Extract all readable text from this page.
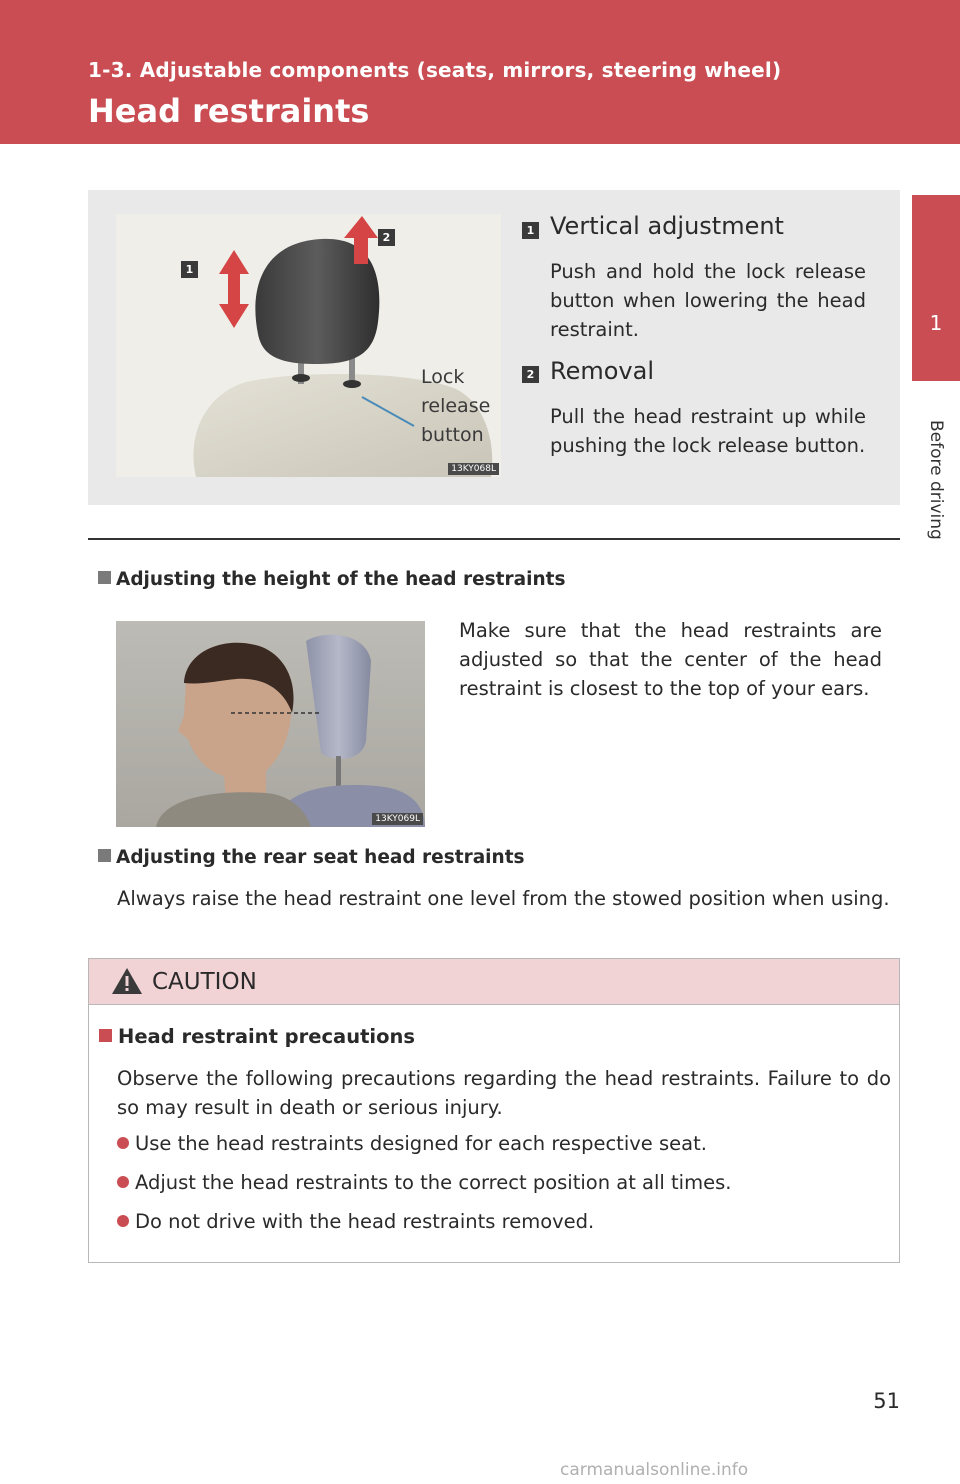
1-3. Adjustable components (seats, mirrors, steering wheel)
Head restraints
1
Before driving
13KY068L
1
2
Lock release button
1 Vertical adjustment
Push and hold the lock release button when lowering the head restraint.
2 Removal
Pull the head restraint up while pushing the lock release button.
Adjusting the height of the head restraints
13KY069L
Make sure that the head restraints are adjusted so that the center of the head restraint is closest to the top of your ears.
Adjusting the rear seat head restraints
Always raise the head restraint one level from the stowed position when using.
CAUTION
Head restraint precautions
Observe the following precautions regarding the head restraints. Failure to do so may result in death or serious injury.
Use the head restraints designed for each respective seat.
Adjust the head restraints to the correct position at all times.
Do not drive with the head restraints removed.
51
carmanualsonline.info
